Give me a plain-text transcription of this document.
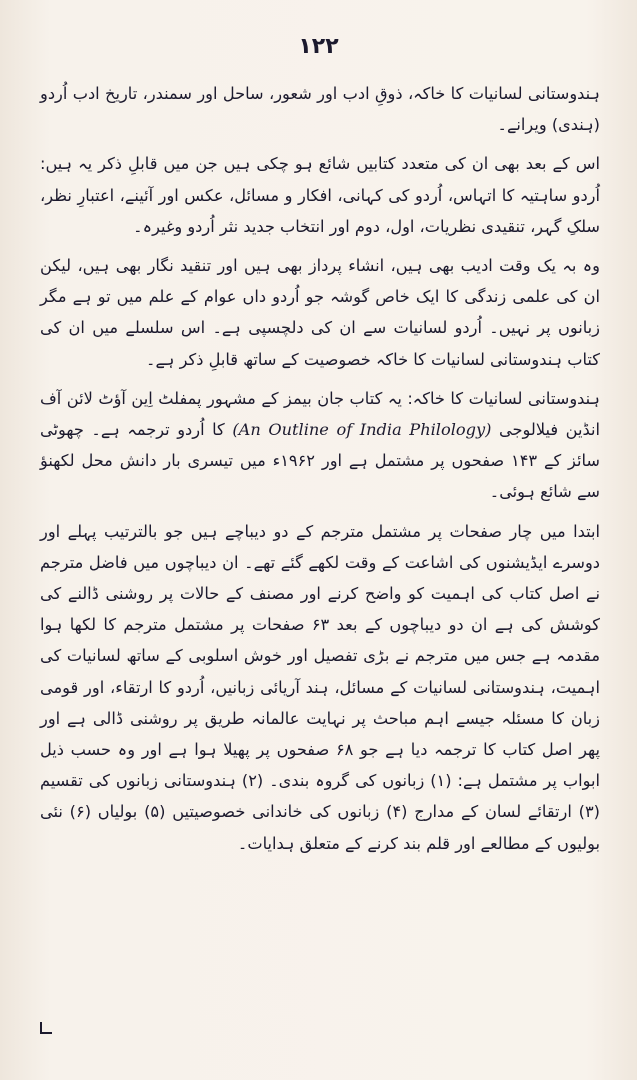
۱۲۲

ہندوستانی لسانیات کا خاکہ، ذوقِ ادب اور شعور، ساحل اور سمندر، تاریخ ادب اُردو (ہندی) ویرانے۔

اس کے بعد بھی ان کی متعدد کتابیں شائع ہو چکی ہیں جن میں قابلِ ذکر یہ ہیں: اُردو ساہتیہ کا اتہاس، اُردو کی کہانی، افکار و مسائل، عکس اور آئینے، اعتبارِ نظر، سلکِ گہر، تنقیدی نظریات، اول، دوم اور انتخاب جدید نثر اُردو وغیرہ۔

وہ بہ یک وقت ادیب بھی ہیں، انشاء پرداز بھی ہیں اور تنقید نگار بھی ہیں، لیکن ان کی علمی زندگی کا ایک خاص گوشہ جو اُردو داں عوام کے علم میں تو ہے مگر زبانوں پر نہیں۔ اُردو لسانیات سے ان کی دلچسپی ہے۔ اس سلسلے میں ان کی کتاب ہندوستانی لسانیات کا خاکہ خصوصیت کے ساتھ قابلِ ذکر ہے۔

ہندوستانی لسانیات کا خاکہ: یہ کتاب جان بیمز کے مشہور پمفلٹ اِین آؤٹ لائن آف انڈین فیلالوجی (An Outline of India Philology) کا اُردو ترجمہ ہے۔ چھوٹی سائز کے ۱۴۳ صفحوں پر مشتمل ہے اور ۱۹۶۲ء میں تیسری بار دانش محل لکھنؤ سے شائع ہوئی۔

ابتدا میں چار صفحات پر مشتمل مترجم کے دو دیباچے ہیں جو بالترتیب پہلے اور دوسرے ایڈیشنوں کی اشاعت کے وقت لکھے گئے تھے۔ ان دیباچوں میں فاضل مترجم نے اصل کتاب کی اہمیت کو واضح کرنے اور مصنف کے حالات پر روشنی ڈالنے کی کوشش کی ہے ان دو دیباچوں کے بعد ۶۳ صفحات پر مشتمل مترجم کا لکھا ہوا مقدمہ ہے جس میں مترجم نے بڑی تفصیل اور خوش اسلوبی کے ساتھ لسانیات کی اہمیت، ہندوستانی لسانیات کے مسائل، ہند آریائی زبانیں، اُردو کا ارتقاء، اور قومی زبان کا مسئلہ جیسے اہم مباحث پر نہایت عالمانہ طریق پر روشنی ڈالی ہے اور پھر اصل کتاب کا ترجمہ دیا ہے جو ۶۸ صفحوں پر پھیلا ہوا ہے اور وہ حسب ذیل ابواب پر مشتمل ہے: (۱) زبانوں کی گروہ بندی۔ (۲) ہندوستانی زبانوں کی تقسیم (۳) ارتقائے لسان کے مدارج (۴) زبانوں کی خاندانی خصوصیتیں (۵) بولیاں (۶) نئی بولیوں کے مطالعے اور قلم بند کرنے کے متعلق ہدایات۔
